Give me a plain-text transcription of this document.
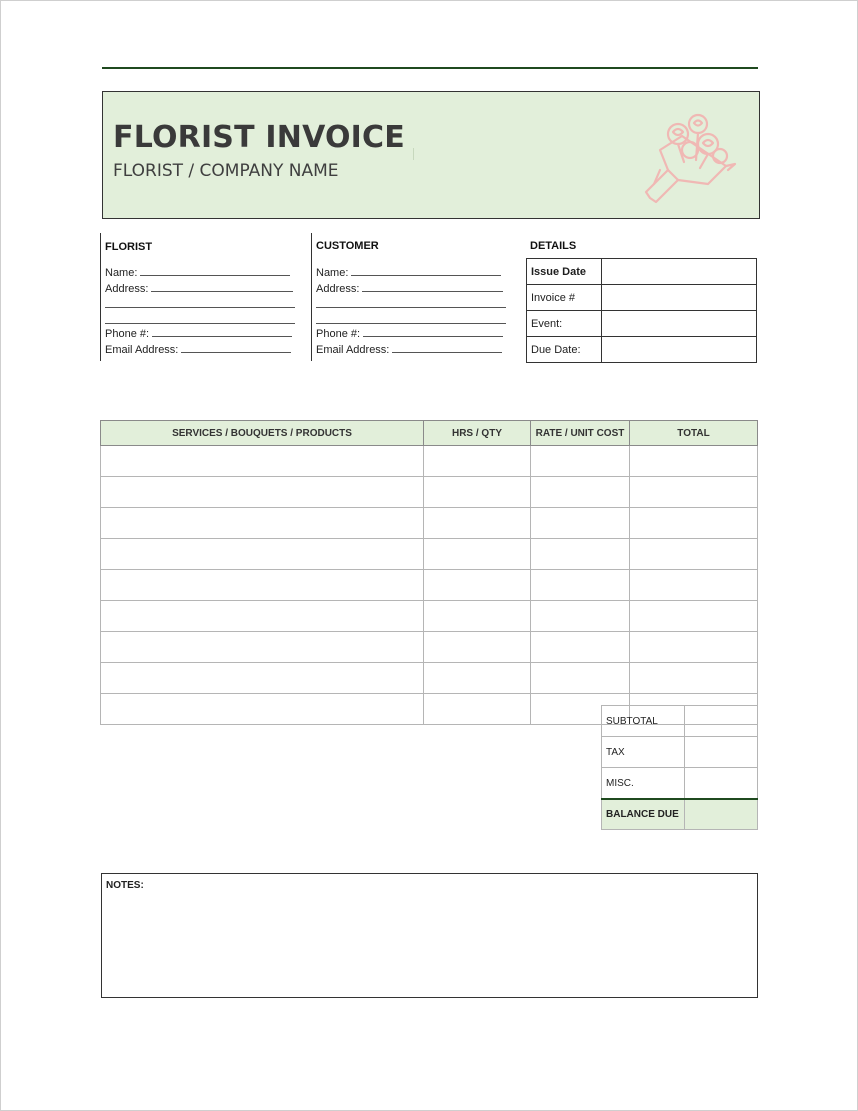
FLORIST INVOICE
FLORIST / COMPANY NAME
FLORIST
Name:
Address:
Phone #:
Email Address:
CUSTOMER
Name:
Address:
Phone #:
Email Address:
DETAILS
Issue Date	
Invoice #	
Event:	
Due Date:	
SERVICES / BOUQUETS / PRODUCTS	HRS / QTY	RATE / UNIT COST	TOTAL

SUBTOTAL	
TAX	
MISC.	
BALANCE DUE	
NOTES:
